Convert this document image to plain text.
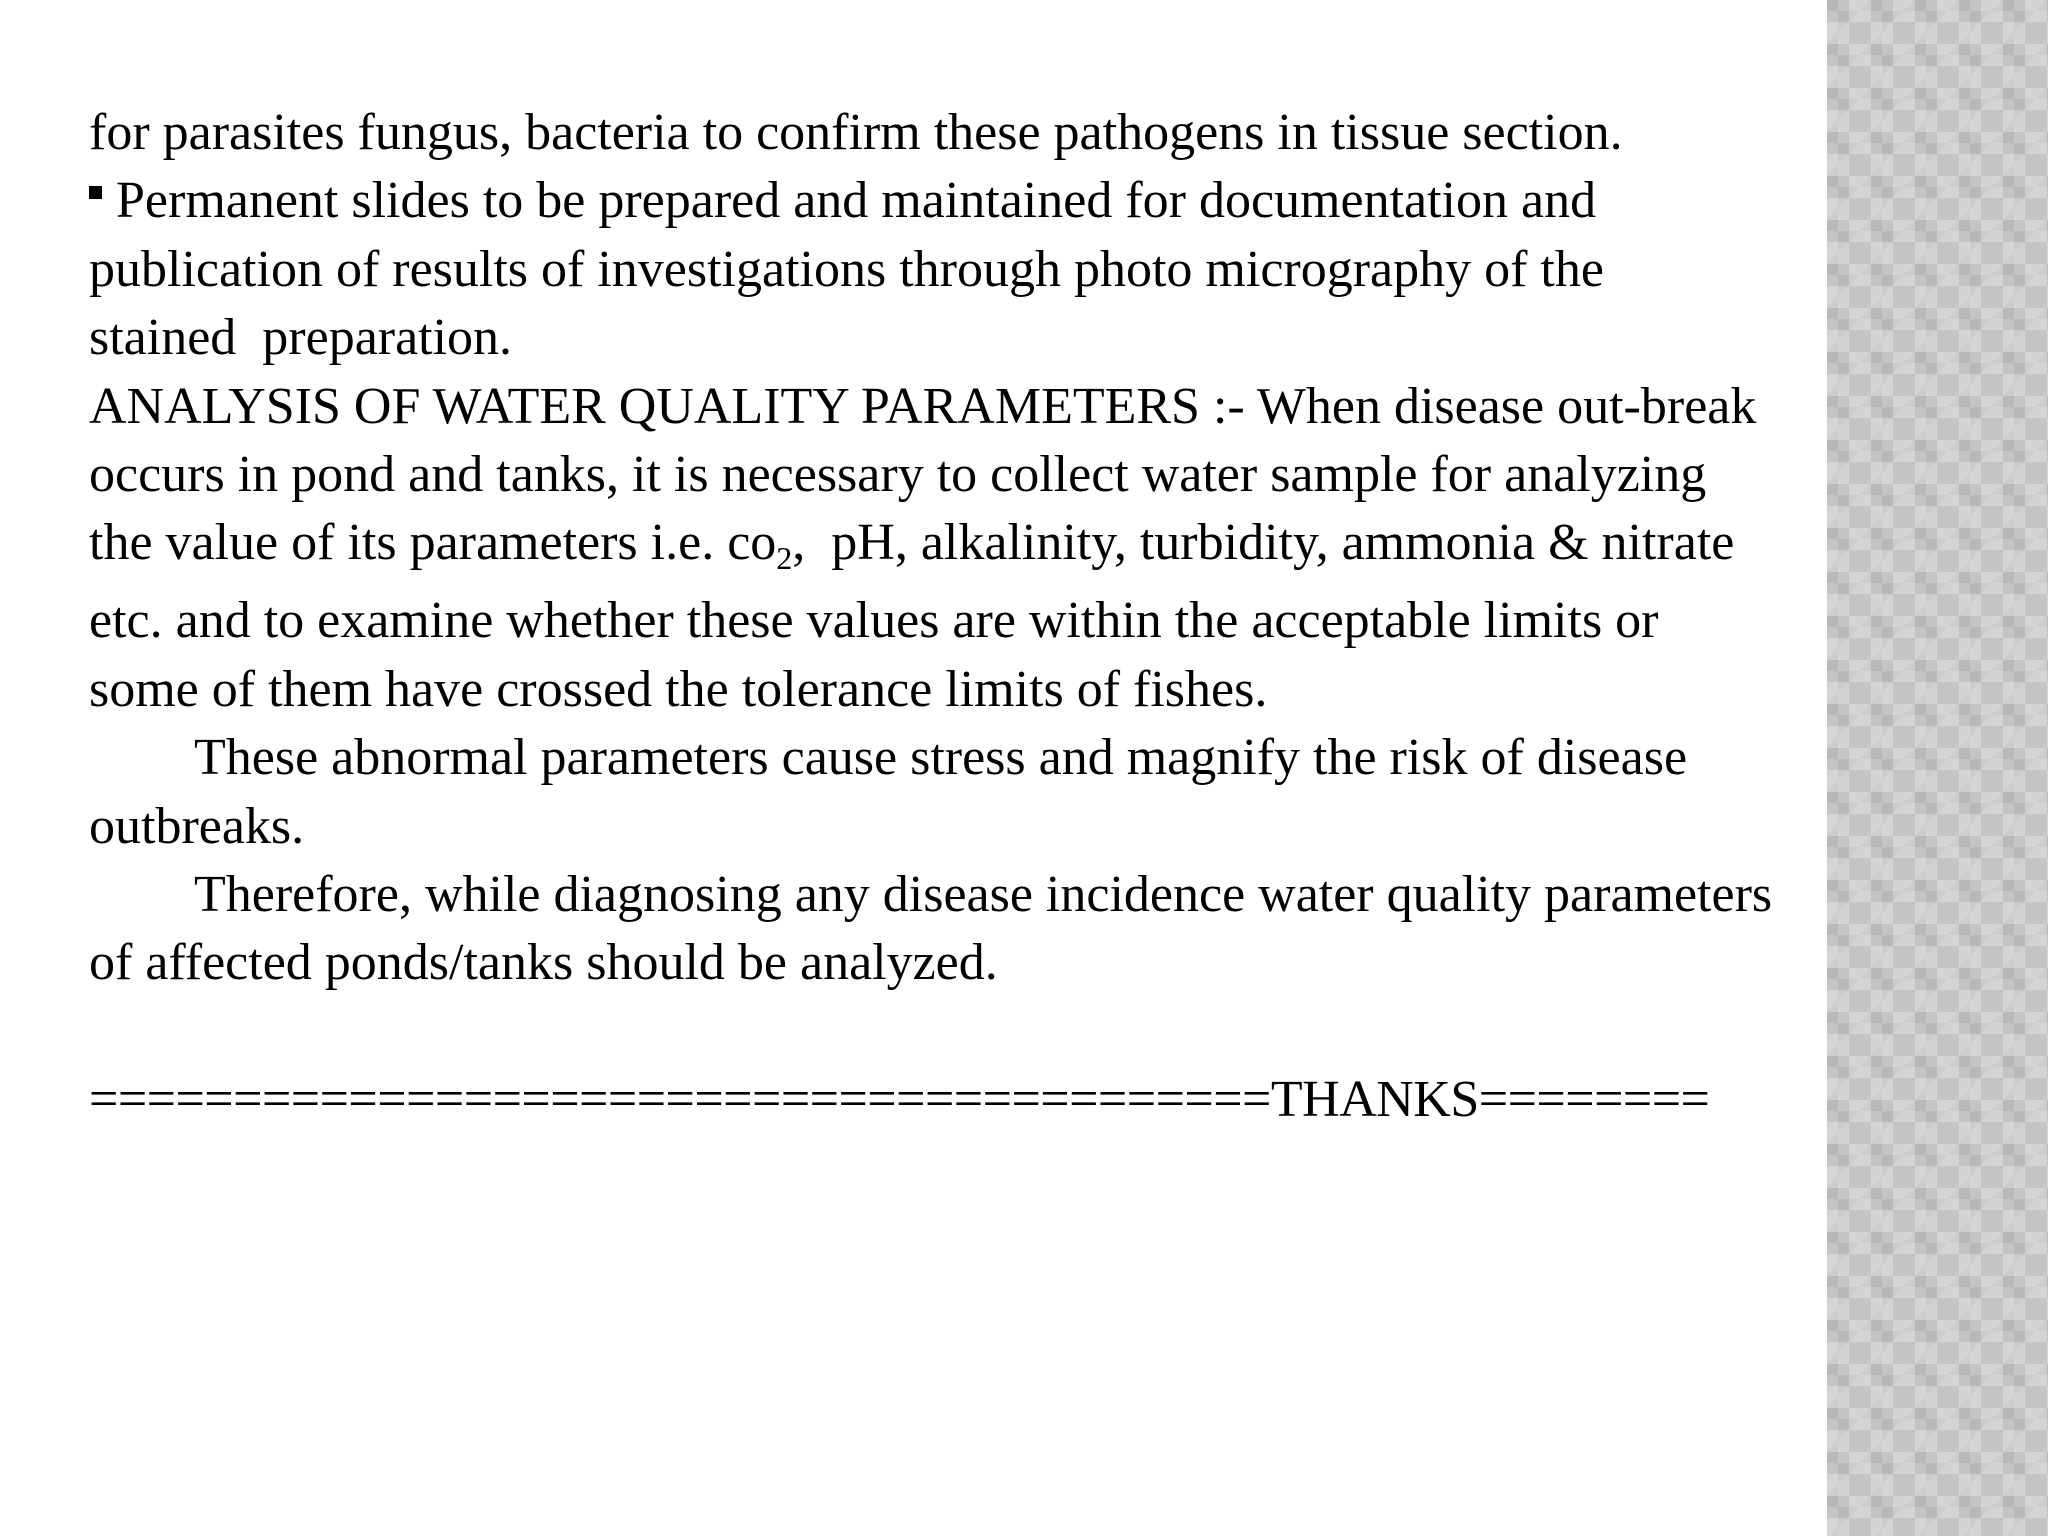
for parasites fungus, bacteria to confirm these pathogens in tissue section.
Permanent slides to be prepared and maintained for documentation and
publication of results of investigations through photo micrography of the
stained  preparation.
ANALYSIS OF WATER QUALITY PARAMETERS :- When disease out-break
occurs in pond and tanks, it is necessary to collect water sample for analyzing
the value of its parameters i.e. $co_2$,  pH, alkalinity, turbidity, ammonia & nitrate
etc. and to examine whether these values are within the acceptable limits or
some of them have crossed the tolerance limits of fishes.
These abnormal parameters cause stress and magnify the risk of disease
outbreaks.
Therefore, while diagnosing any disease incidence water quality parameters
of affected ponds/tanks should be analyzed.
=========================================THANKS========
